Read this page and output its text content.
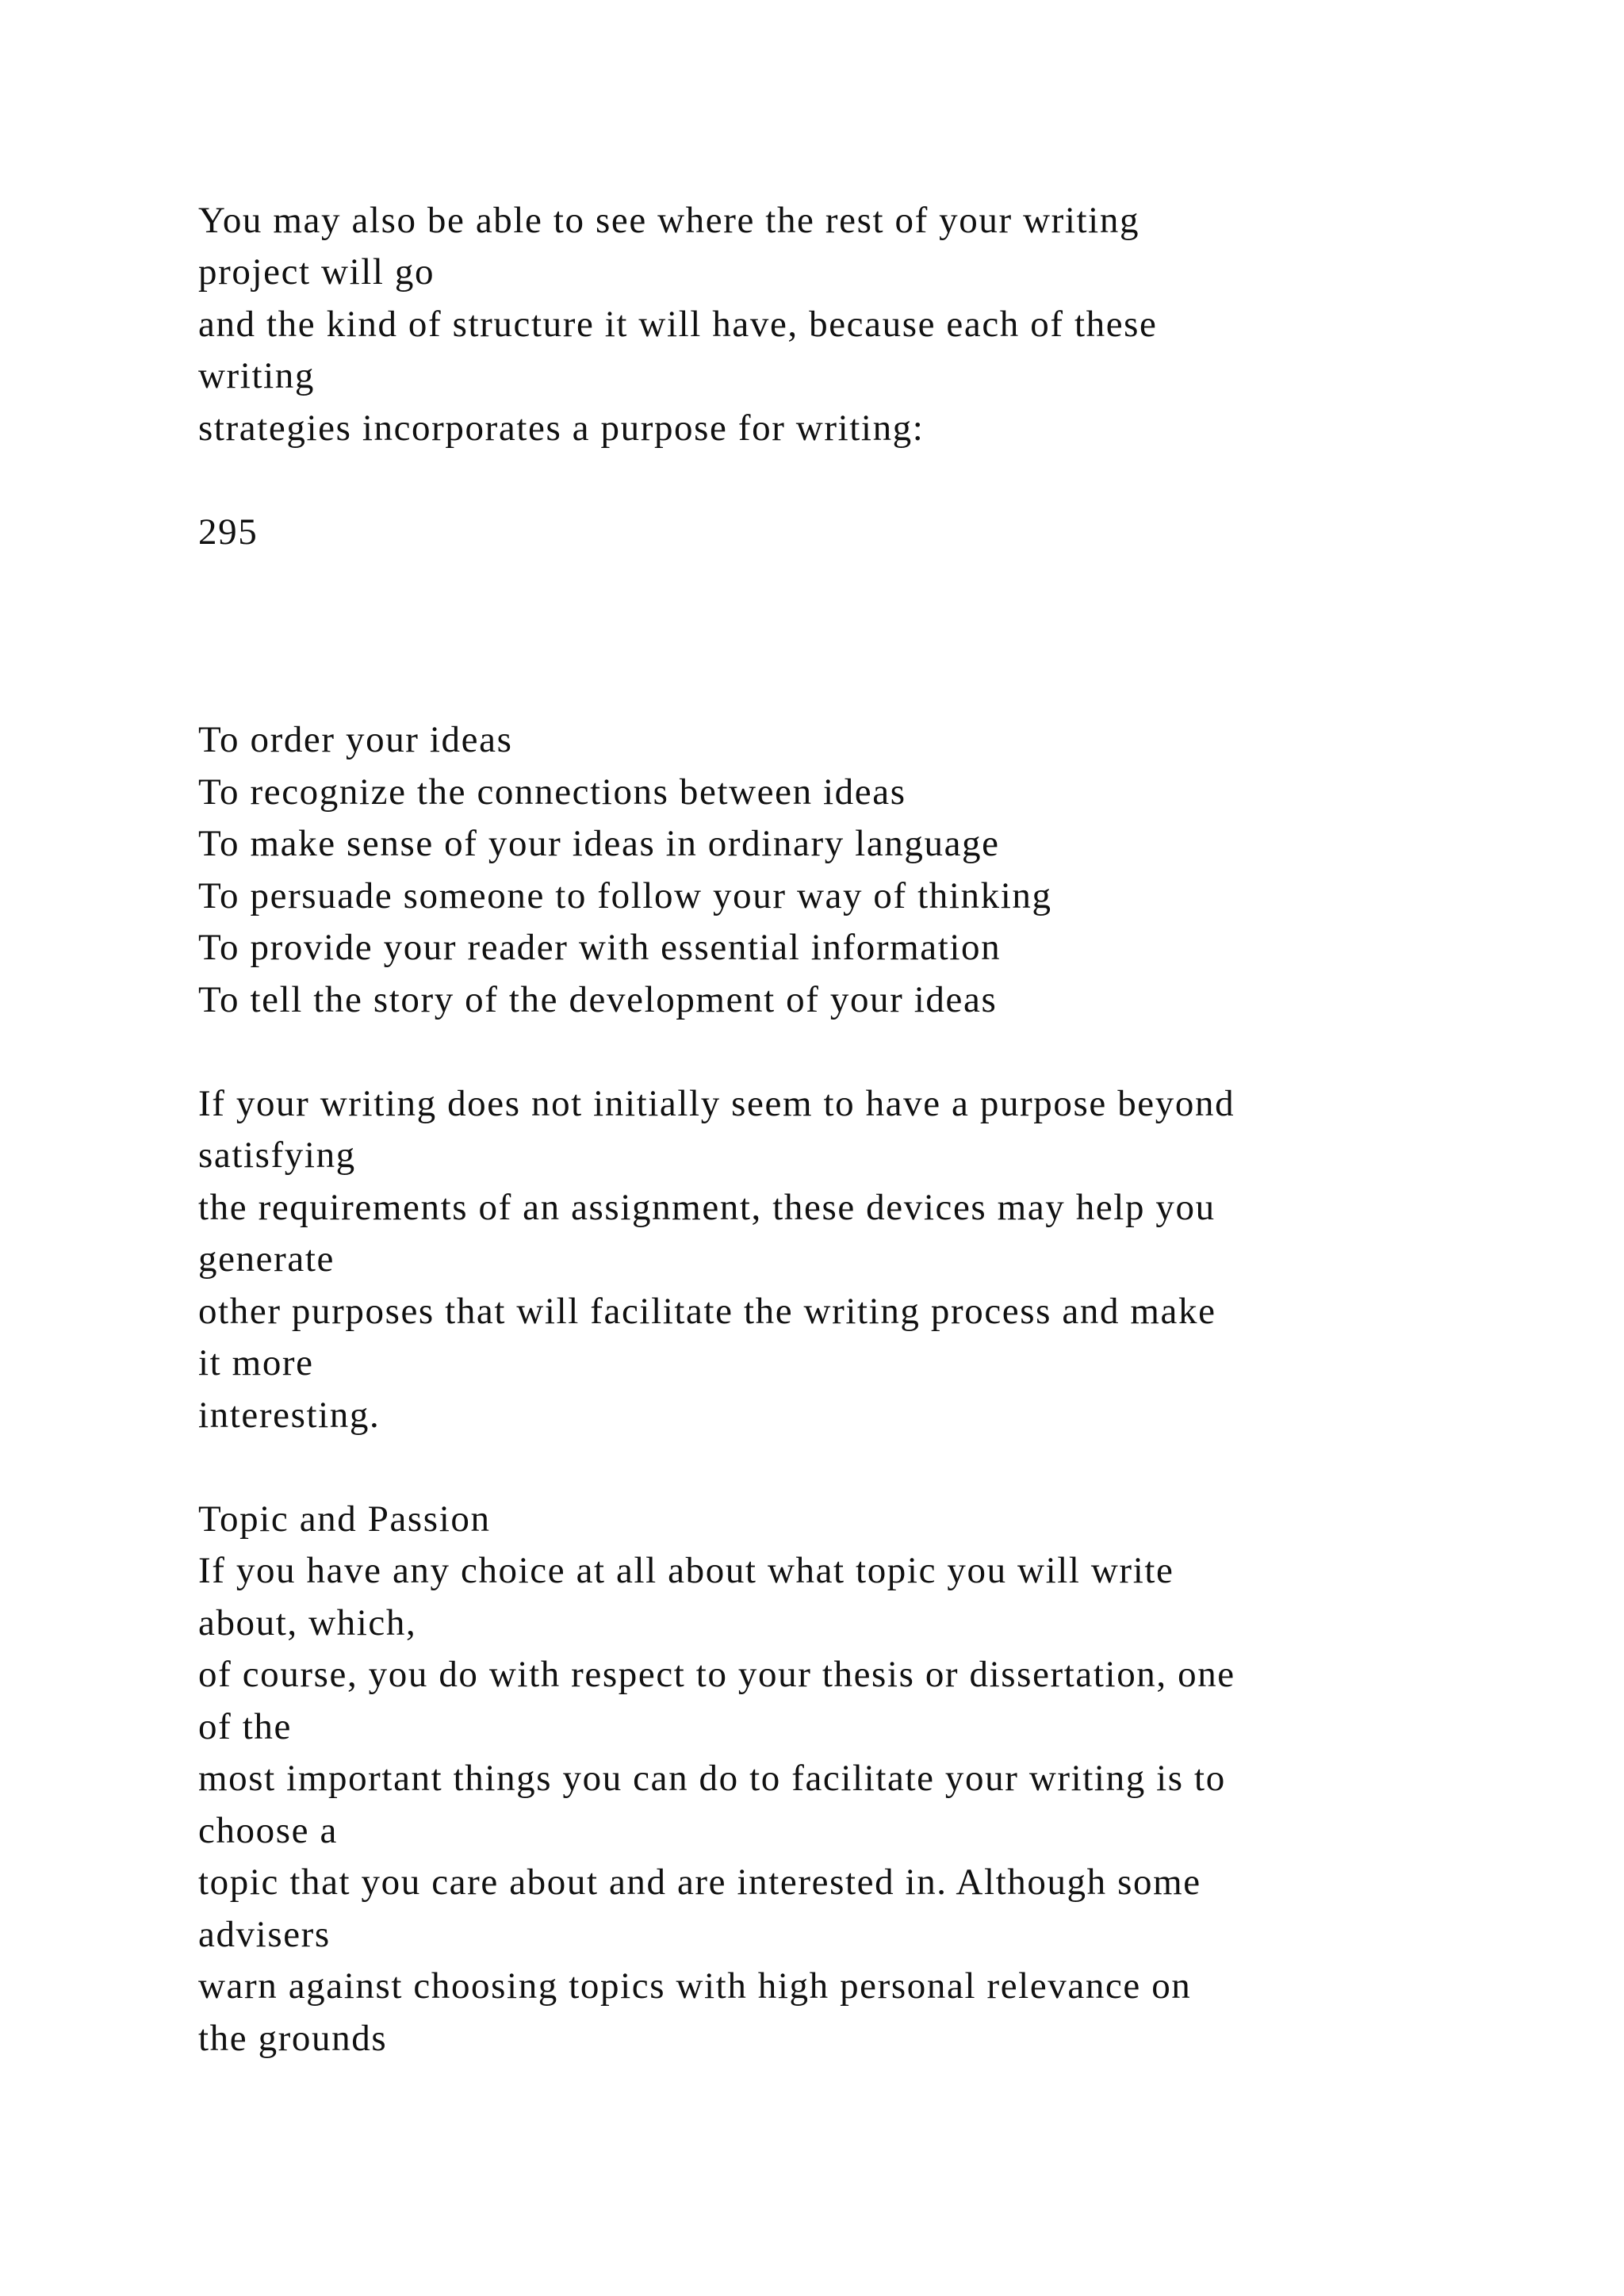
You may also be able to see where the rest of your writing
project will go
and the kind of structure it will have, because each of these
writing
strategies incorporates a purpose for writing:
295
To order your ideas
To recognize the connections between ideas
To make sense of your ideas in ordinary language
To persuade someone to follow your way of thinking
To provide your reader with essential information
To tell the story of the development of your ideas
If your writing does not initially seem to have a purpose beyond
satisfying
the requirements of an assignment, these devices may help you
generate
other purposes that will facilitate the writing process and make
it more
interesting.
Topic and Passion
If you have any choice at all about what topic you will write
about, which,
of course, you do with respect to your thesis or dissertation, one
of the
most important things you can do to facilitate your writing is to
choose a
topic that you care about and are interested in. Although some
advisers
warn against choosing topics with high personal relevance on
the grounds
